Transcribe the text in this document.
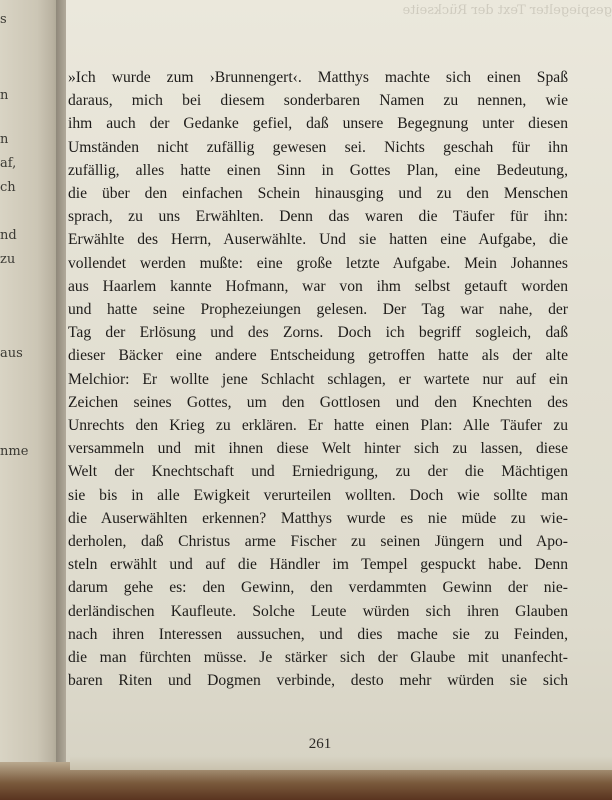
s
n
n
af,
ch
nd
zu
aus
nme
gespiegelter Text der Rückseite
»Ich wurde zum ›Brunnengert‹. Matthys machte sich einen Spaß
daraus, mich bei diesem sonderbaren Namen zu nennen, wie
ihm auch der Gedanke gefiel, daß unsere Begegnung unter diesen
Umständen nicht zufällig gewesen sei. Nichts geschah für ihn
zufällig, alles hatte einen Sinn in Gottes Plan, eine Bedeutung,
die über den einfachen Schein hinausging und zu den Menschen
sprach, zu uns Erwählten. Denn das waren die Täufer für ihn:
Erwählte des Herrn, Auserwählte. Und sie hatten eine Aufgabe, die
vollendet werden mußte: eine große letzte Aufgabe. Mein Johannes
aus Haarlem kannte Hofmann, war von ihm selbst getauft worden
und hatte seine Prophezeiungen gelesen. Der Tag war nahe, der
Tag der Erlösung und des Zorns. Doch ich begriff sogleich, daß
dieser Bäcker eine andere Entscheidung getroffen hatte als der alte
Melchior: Er wollte jene Schlacht schlagen, er wartete nur auf ein
Zeichen seines Gottes, um den Gottlosen und den Knechten des
Unrechts den Krieg zu erklären. Er hatte einen Plan: Alle Täufer zu
versammeln und mit ihnen diese Welt hinter sich zu lassen, diese
Welt der Knechtschaft und Erniedrigung, zu der die Mächtigen
sie bis in alle Ewigkeit verurteilen wollten. Doch wie sollte man
die Auserwählten erkennen? Matthys wurde es nie müde zu wie-
derholen, daß Christus arme Fischer zu seinen Jüngern und Apo-
steln erwählt und auf die Händler im Tempel gespuckt habe. Denn
darum gehe es: den Gewinn, den verdammten Gewinn der nie-
derländischen Kaufleute. Solche Leute würden sich ihren Glauben
nach ihren Interessen aussuchen, und dies mache sie zu Feinden,
die man fürchten müsse. Je stärker sich der Glaube mit unanfecht-
baren Riten und Dogmen verbinde, desto mehr würden sie sich
261
